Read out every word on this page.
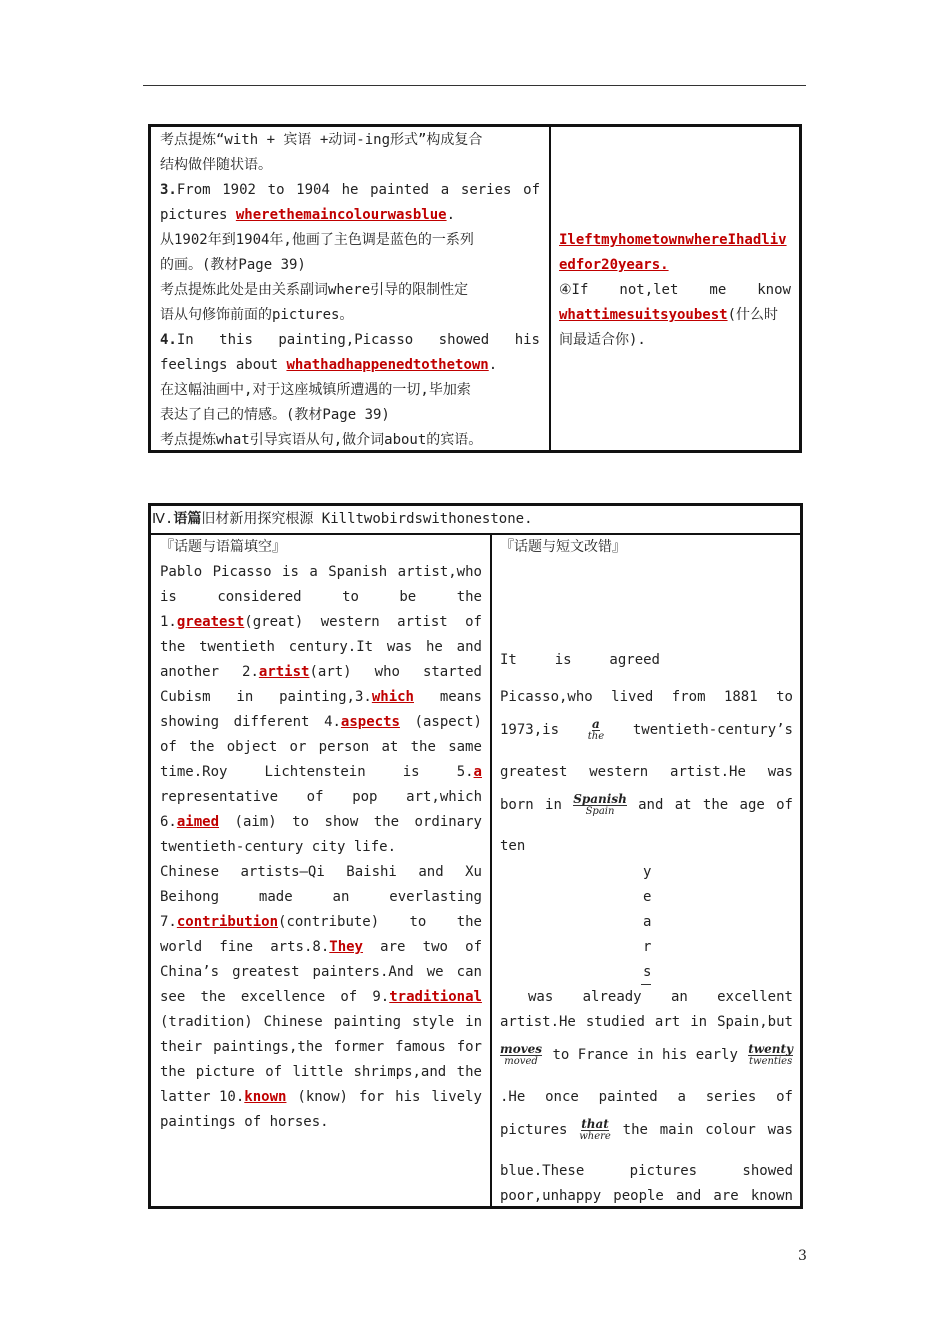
考点提炼“with + 宾语 +动词-ing形式”构成复合
结构做伴随状语。
3.From 1902 to 1904 he painted a series of
pictures wherethemaincolourwasblue.
从1902年到1904年,他画了主色调是蓝色的一系列
的画。(教材Page 39)
考点提炼此处是由关系副词where引导的限制性定
语从句修饰前面的pictures。
4.In this painting,Picasso showed his
feelings about whathadhappenedtothetown.
在这幅油画中,对于这座城镇所遭遇的一切,毕加索
表达了自己的情感。(教材Page 39)
考点提炼what引导宾语从句,做介词about的宾语。
IleftmyhometownwhereIhadliv
edfor20years.
④If not,let me know
whattimesuitsyoubest(什么时
间最适合你).
Ⅳ.语篇旧材新用探究根源 Killtwobirdswithonestone.
『话题与语篇填空』
Pablo Picasso is a Spanish artist,who
is	considered	to	be	the
1.greatest(great) western artist of
the twentieth century.It was he and
another 2.artist(art) who started
Cubism in painting,3.which means
showing different 4.aspects (aspect)
of the object or person at the same
time.Roy	Lichtenstein	is	5.a
representative of pop art,which
6.aimed (aim) to show the ordinary
twentieth-century city life.
Chinese artists—Qi Baishi and Xu
Beihong	made	an	everlasting
7.contribution(contribute) to the
world fine arts.8.They are two of
China’s greatest painters.And we can
see the excellence of 9.traditional
(tradition) Chinese painting style in
their paintings,the former famous for
the picture of little shrimps,and the
latter 10.known (know) for his lively
paintings of horses.
『话题与短文改错』
It	is	agreed
Picasso,who lived from 1881 to
1973,is	a
the twentieth-century’s
greatest western artist.He was
born in Spanish
Spain and at the age of
ten
was already an excellent
artist.He studied art in Spain,but
moves
moved to France in his early twenty
twenties
.He once painted a series of
pictures that
where the main colour was
blue.These	pictures	showed
poor,unhappy people and are known
y
e
a
r
s
3
